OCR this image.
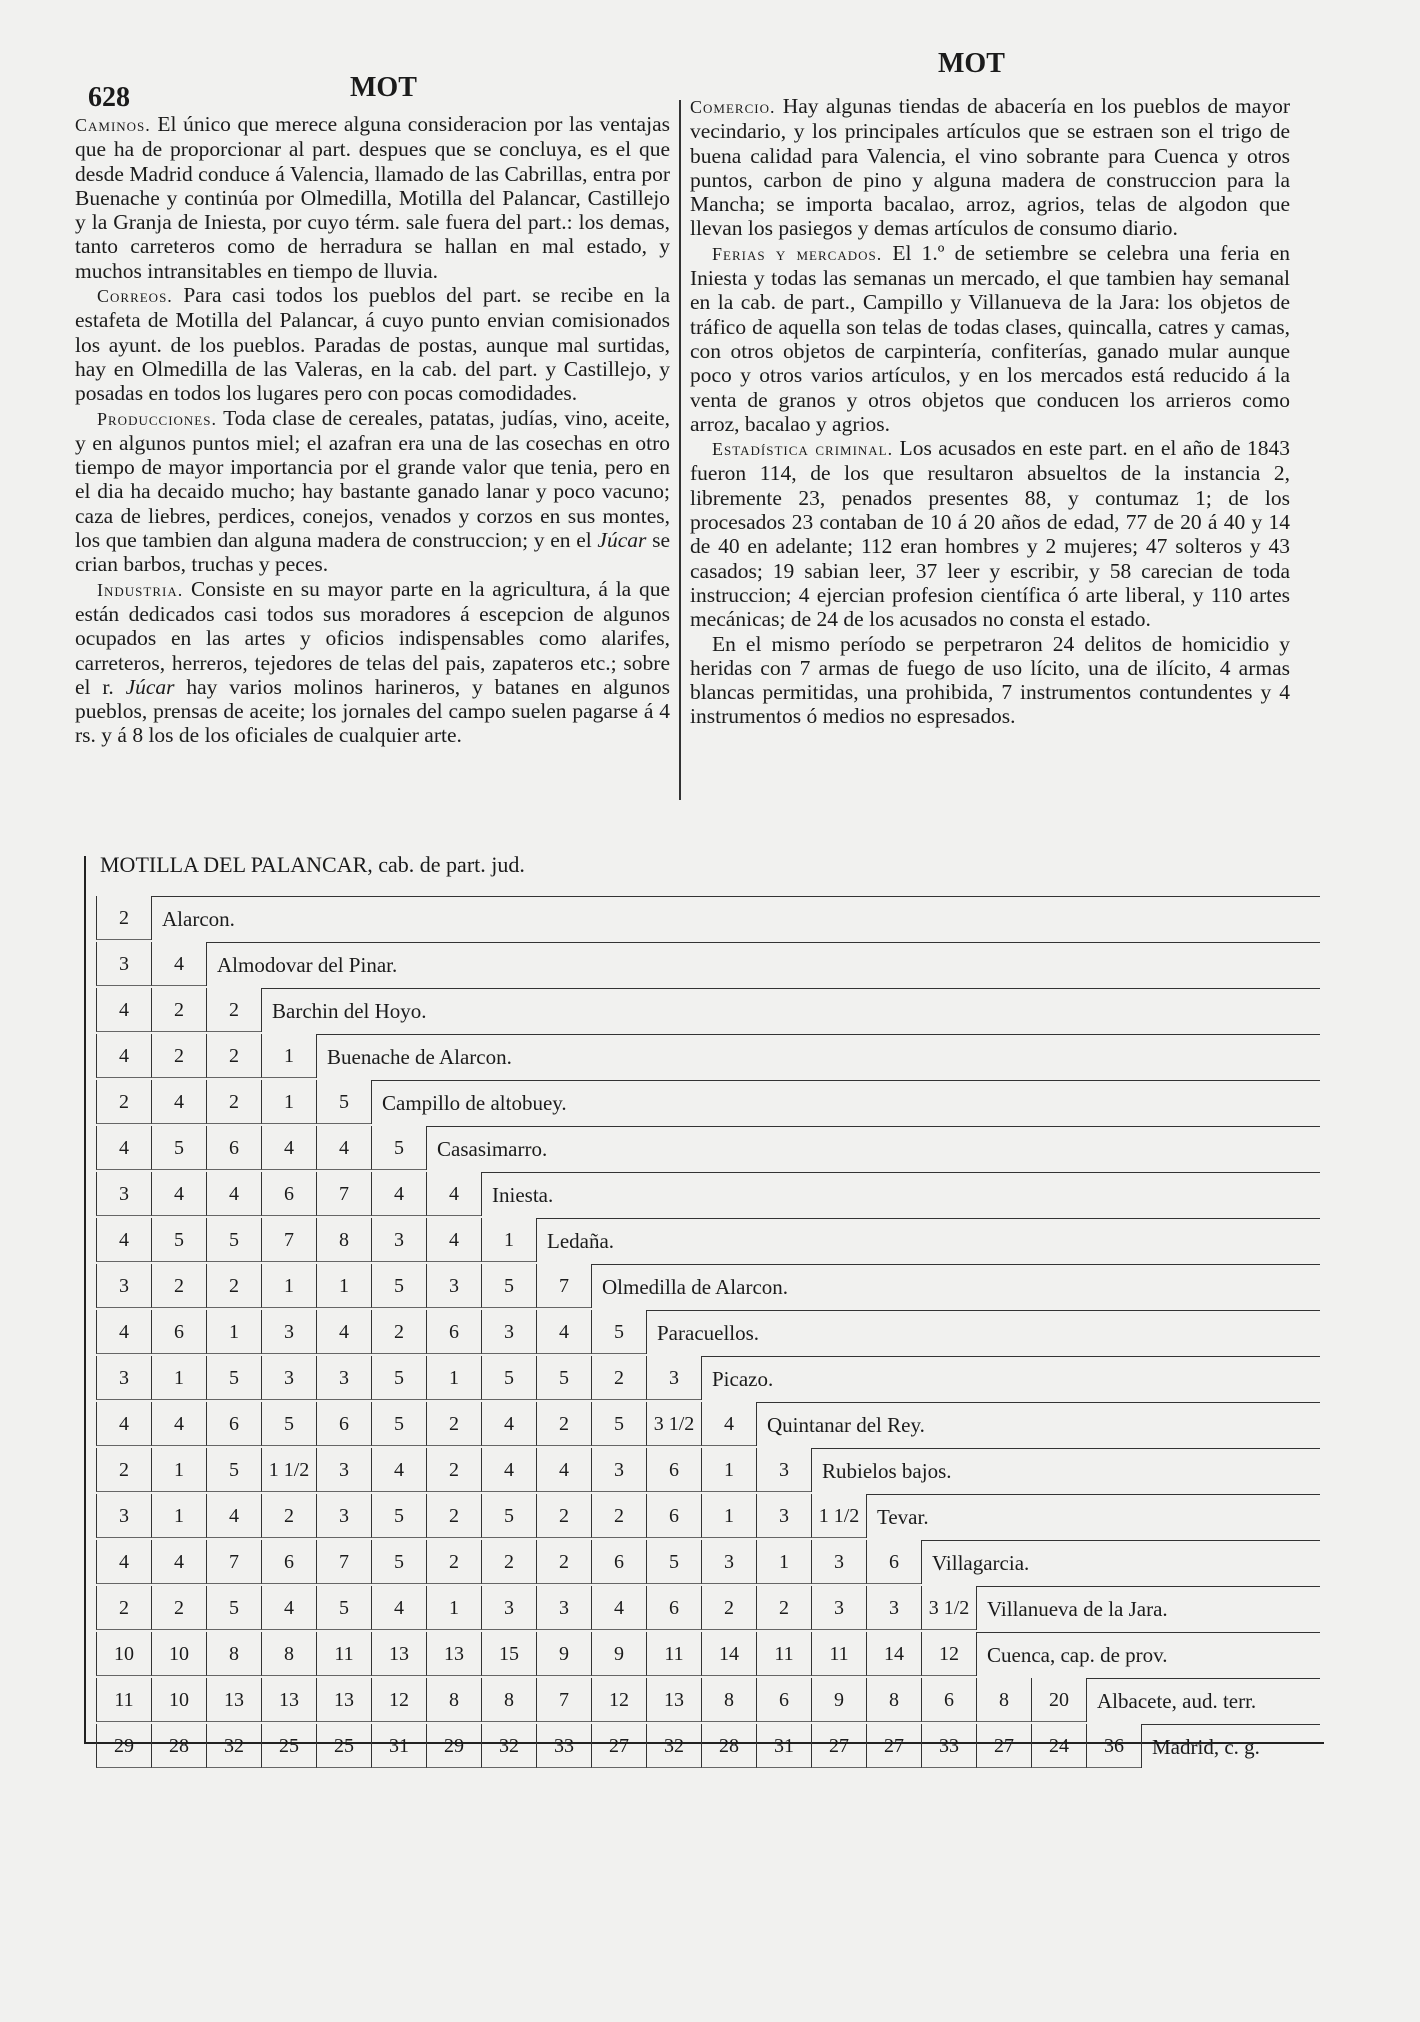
628	MOT
MOT

Caminos. El único que merece alguna consideracion por las ventajas que ha de proporcionar al part. despues que se concluya, es el que desde Madrid conduce á Valencia, llamado de las Cabrillas, entra por Buenache y continúa por Olmedilla, Motilla del Palancar, Castillejo y la Granja de Iniesta, por cuyo térm. sale fuera del part.: los demas, tanto carreteros como de herradura se hallan en mal estado, y muchos intransitables en tiempo de lluvia.

Correos. Para casi todos los pueblos del part. se recibe en la estafeta de Motilla del Palancar, á cuyo punto envian comisionados los ayunt. de los pueblos. Paradas de postas, aunque mal surtidas, hay en Olmedilla de las Valeras, en la cab. del part. y Castillejo, y posadas en todos los lugares pero con pocas comodidades.

Producciones. Toda clase de cereales, patatas, judías, vino, aceite, y en algunos puntos miel; el azafran era una de las cosechas en otro tiempo de mayor importancia por el grande valor que tenia, pero en el dia ha decaido mucho; hay bastante ganado lanar y poco vacuno; caza de liebres, perdices, conejos, venados y corzos en sus montes, los que tambien dan alguna madera de construccion; y en el Júcar se crian barbos, truchas y peces.

Industria. Consiste en su mayor parte en la agricultura, á la que están dedicados casi todos sus moradores á escepcion de algunos ocupados en las artes y oficios indispensables como alarifes, carreteros, herreros, tejedores de telas del pais, zapateros etc.; sobre el r. Júcar hay varios molinos harineros, y batanes en algunos pueblos, prensas de aceite; los jornales del campo suelen pagarse á 4 rs. y á 8 los de los oficiales de cualquier arte.

Comercio. Hay algunas tiendas de abacería en los pueblos de mayor vecindario, y los principales artículos que se estraen son el trigo de buena calidad para Valencia, el vino sobrante para Cuenca y otros puntos, carbon de pino y alguna madera de construccion para la Mancha; se importa bacalao, arroz, agrios, telas de algodon que llevan los pasiegos y demas artículos de consumo diario.

Ferias y mercados. El 1.º de setiembre se celebra una feria en Iniesta y todas las semanas un mercado, el que tambien hay semanal en la cab. de part., Campillo y Villanueva de la Jara: los objetos de tráfico de aquella son telas de todas clases, quincalla, catres y camas, con otros objetos de carpintería, confiterías, ganado mular aunque poco y otros varios artículos, y en los mercados está reducido á la venta de granos y otros objetos que conducen los arrieros como arroz, bacalao y agrios.

Estadística criminal. Los acusados en este part. en el año de 1843 fueron 114, de los que resultaron absueltos de la instancia 2, libremente 23, penados presentes 88, y contumaz 1; de los procesados 23 contaban de 10 á 20 años de edad, 77 de 20 á 40 y 14 de 40 en adelante; 112 eran hombres y 2 mujeres; 47 solteros y 43 casados; 19 sabian leer, 37 leer y escribir, y 58 carecian de toda instruccion; 4 ejercian profesion científica ó arte liberal, y 110 artes mecánicas; de 24 de los acusados no consta el estado.

En el mismo período se perpetraron 24 delitos de homicidio y heridas con 7 armas de fuego de uso lícito, una de ilícito, 4 armas blancas permitidas, una prohibida, 7 instrumentos contundentes y 4 instrumentos ó medios no espresados.

MOTILLA DEL PALANCAR, cab. de part. jud.
2	Alarcon.
3	4	Almodovar del Pinar.
4	2	2	Barchin del Hoyo.
4	2	2	1	Buenache de Alarcon.
2	4	2	1	5	Campillo de altobuey.
4	5	6	4	4	5	Casasimarro.
3	4	4	6	7	4	4	Iniesta.
4	5	5	7	8	3	4	1	Ledaña.
3	2	2	1	1	5	3	5	7	Olmedilla de Alarcon.
4	6	1	3	4	2	6	3	4	5	Paracuellos.
3	1	5	3	3	5	1	5	5	2	3	Picazo.
4	4	6	5	6	5	2	4	2	5	3 1/2	4	Quintanar del Rey.
2	1	5	1 1/2	3	4	2	4	4	3	6	1	3	Rubielos bajos.
3	1	4	2	3	5	2	5	2	2	6	1	3	1 1/2 Tevar.
4	4	7	6	7	5	2	2	2	6	5	3	1	3	6	Villagarcia.
2	2	5	4	5	4	1	3	3	4	6	2	2	3	3	3 1/2 Villanueva de la Jara.
10	10	8	8	11	13	13	15	9	9	11	14	11	11	14	12	Cuenca, cap. de prov.
11	10	13	13	13	12	8	8	7	12	13	8	6	9	8	6	8	20	Albacete, aud. terr.
29	28	32	25	25	31	29	32	33	27	32	28	31	27	27	33	27	24	36	Madrid, c. g.
